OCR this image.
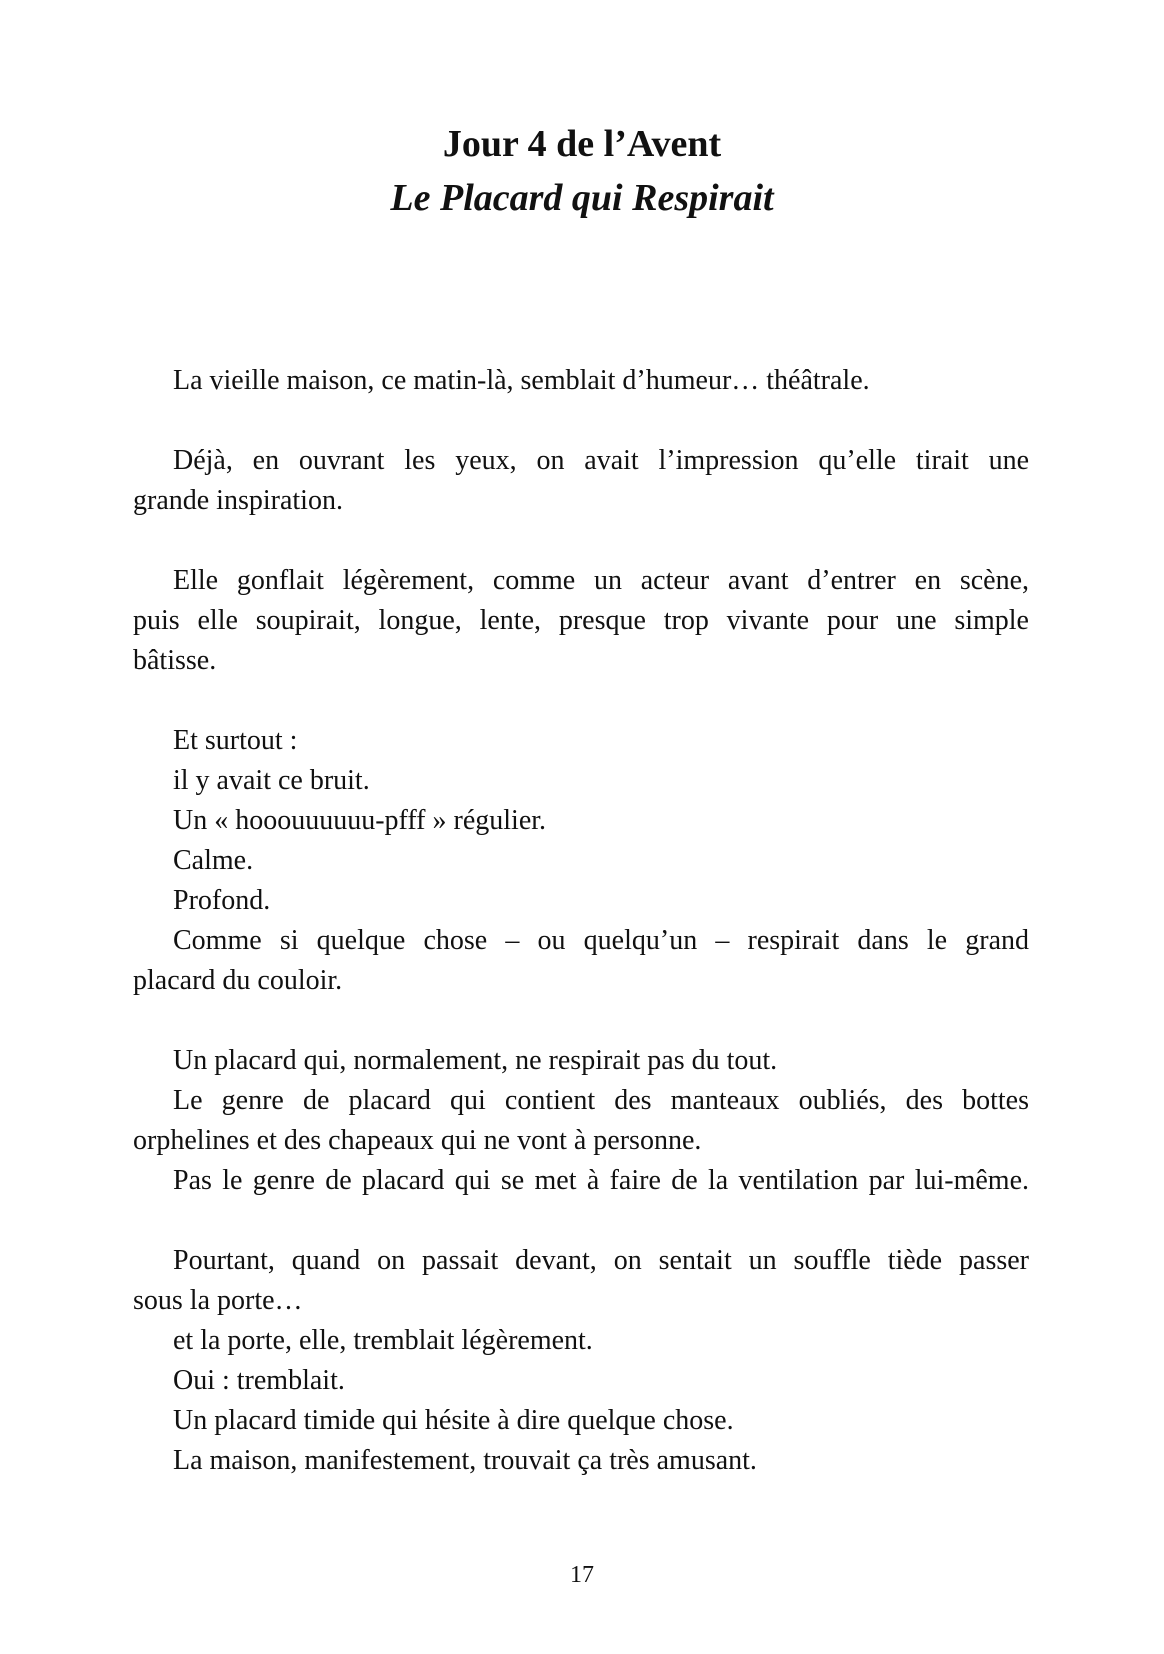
Jour 4 de l’Avent
Le Placard qui Respirait
La vieille maison, ce matin-là, semblait d’humeur… théâtrale.
Déjà, en ouvrant les yeux, on avait l’impression qu’elle tirait une
grande inspiration.
Elle gonflait légèrement, comme un acteur avant d’entrer en scène,
puis elle soupirait, longue, lente, presque trop vivante pour une simple
bâtisse.
Et surtout :
il y avait ce bruit.
Un « hooouuuuuu-pfff » régulier.
Calme.
Profond.
Comme si quelque chose – ou quelqu’un – respirait dans le grand
placard du couloir.
Un placard qui, normalement, ne respirait pas du tout.
Le genre de placard qui contient des manteaux oubliés, des bottes
orphelines et des chapeaux qui ne vont à personne.
Pas le genre de placard qui se met à faire de la ventilation par lui-même.
Pourtant, quand on passait devant, on sentait un souffle tiède passer
sous la porte…
et la porte, elle, tremblait légèrement.
Oui : tremblait.
Un placard timide qui hésite à dire quelque chose.
La maison, manifestement, trouvait ça très amusant.
17
